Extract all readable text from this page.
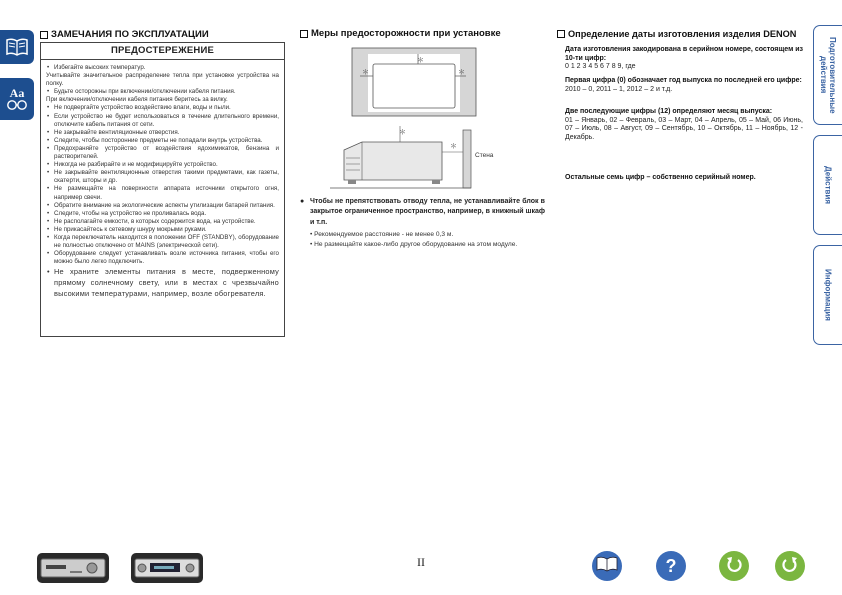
Aa
ЗАМЕЧАНИЯ ПО ЭКСПЛУАТАЦИИ
ПРЕДОСТЕРЕЖЕНИЕ
• Избегайте высоких температур.
Учитывайте значительное распределение тепла при установке устройства на полку.
• Будьте осторожны при включении/отключении кабеля питания.
При включении/отключении кабеля питания беритесь за вилку.
• Не подвергайте устройство воздействию влаги, воды и пыли.
• Если устройство не будет использоваться в течение длительного времени, отключите кабель питания от сети.
• Не закрывайте вентиляционные отверстия.
• Следите, чтобы посторонние предметы не попадали внутрь устройства.
• Предохраняйте устройство от воздействия ядохимикатов, бензина и растворителей.
• Никогда не разбирайте и не модифицируйте устройство.
• Не закрывайте вентиляционные отверстия такими предметами, как газеты, скатерти, шторы и др.
• Не размещайте на поверхности аппарата источники открытого огня, например свечи.
• Обратите внимание на экологические аспекты утилизации батарей питания.
• Следите, чтобы на устройство не проливалась вода.
• Не располагайте емкости, в которых содержится вода, на устройстве.
• Не прикасайтесь к сетевому шнуру мокрыми руками.
• Когда переключатель находится в положении OFF (STANDBY), оборудование не полностью отключено от MAINS (электрической сети).
• Оборудование следует устанавливать возле источника питания, чтобы его можно было легко подключить.
• Не храните элементы питания в месте, подверженному прямому солнечному свету, или в местах с чрезвычайно высокими температурами, например, возле обогревателя.
Меры предосторожности при установке
＊
＊	＊
＊
＊
Стена
● Чтобы не препятствовать отводу тепла, не устанавливайте блок в закрытое ограниченное пространство, например, в книжный шкаф и т.п.
• Рекомендуемое расстояние - не менее 0,3 м.
• Не размещайте какое-либо другое оборудование на этом модуле.
Определение даты изготовления изделия DENON
Дата изготовления закодирована в серийном номере, состоящем из 10-ти цифр:
0 1 2 3 4 5 6 7 8 9, где
Первая цифра (0) обозначает год выпуска по последней его цифре:
2010 – 0, 2011 – 1, 2012 – 2 и т.д.
Две последующие цифры (12) определяют месяц выпуска:
01 – Январь, 02 – Февраль, 03 – Март, 04 – Апрель, 05 – Май, 06 Июнь, 07 – Июль, 08 – Август, 09 – Сентябрь, 10 – Октябрь, 11 – Ноябрь, 12 - Декабрь.
Остальные семь цифр – собственно серийный номер.
Подготовительные действия
Действия
Информация
II	?
